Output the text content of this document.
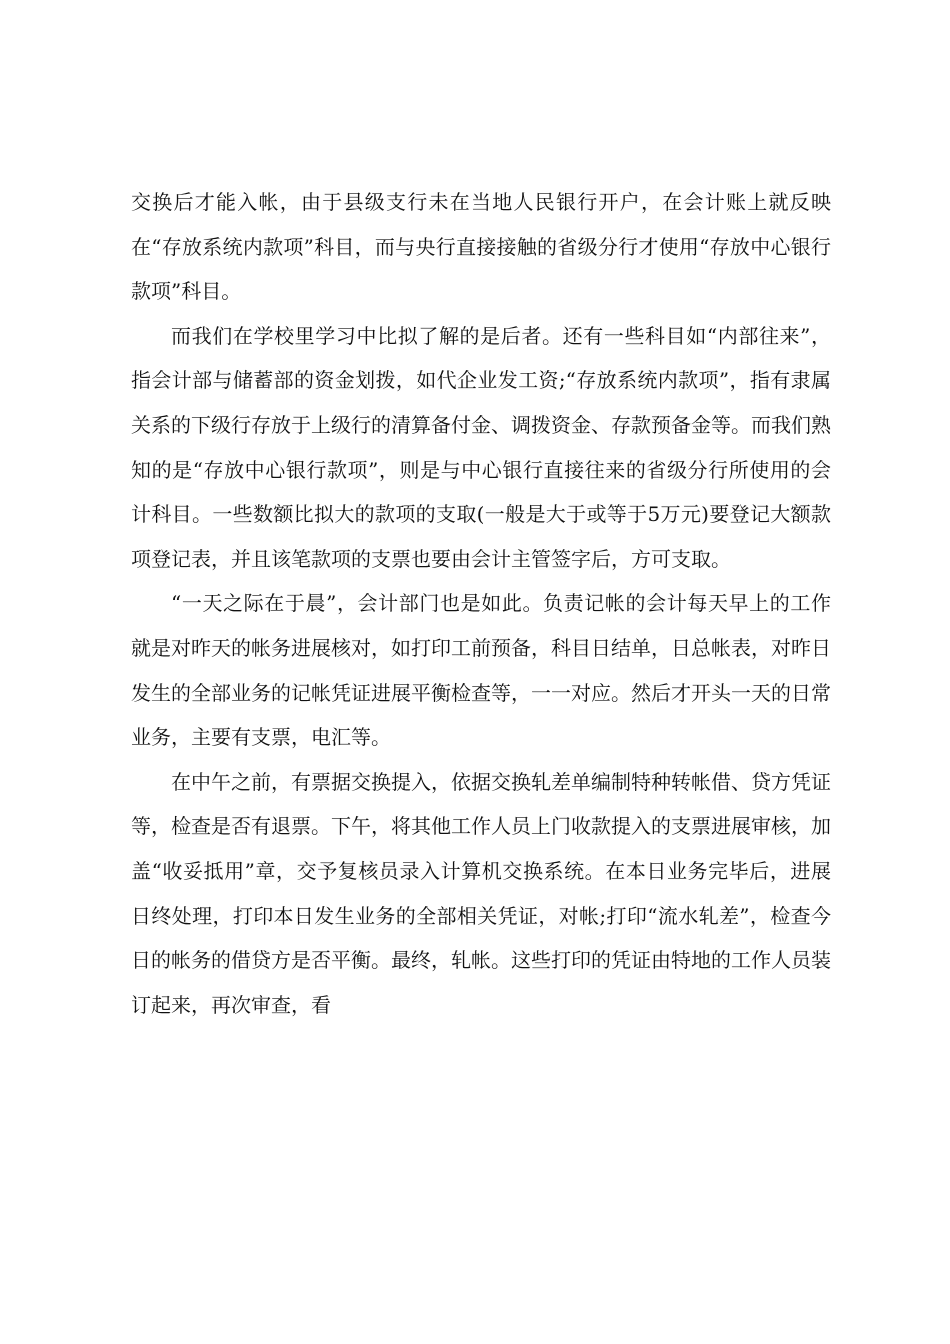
交换后才能入帐，由于县级支行未在当地人民银行开户，在会计账上就反映在“存放系统内款项”科目，而与央行直接接触的省级分行才使用“存放中心银行款项”科目。

而我们在学校里学习中比拟了解的是后者。还有一些科目如“内部往来”，指会计部与储蓄部的资金划拨，如代企业发工资;“存放系统内款项”，指有隶属关系的下级行存放于上级行的清算备付金、调拨资金、存款预备金等。而我们熟知的是“存放中心银行款项”，则是与中心银行直接往来的省级分行所使用的会计科目。一些数额比拟大的款项的支取(一般是大于或等于5万元)要登记大额款项登记表，并且该笔款项的支票也要由会计主管签字后，方可支取。

“一天之际在于晨”，会计部门也是如此。负责记帐的会计每天早上的工作就是对昨天的帐务进展核对，如打印工前预备，科目日结单，日总帐表，对昨日发生的全部业务的记帐凭证进展平衡检查等，一一对应。然后才开头一天的日常业务，主要有支票，电汇等。

在中午之前，有票据交换提入，依据交换轧差单编制特种转帐借、贷方凭证等，检查是否有退票。下午，将其他工作人员上门收款提入的支票进展审核，加盖“收妥抵用”章，交予复核员录入计算机交换系统。在本日业务完毕后，进展日终处理，打印本日发生业务的全部相关凭证，对帐;打印“流水轧差”，检查今日的帐务的借贷方是否平衡。最终，轧帐。这些打印的凭证由特地的工作人员装订起来，再次审查，看
